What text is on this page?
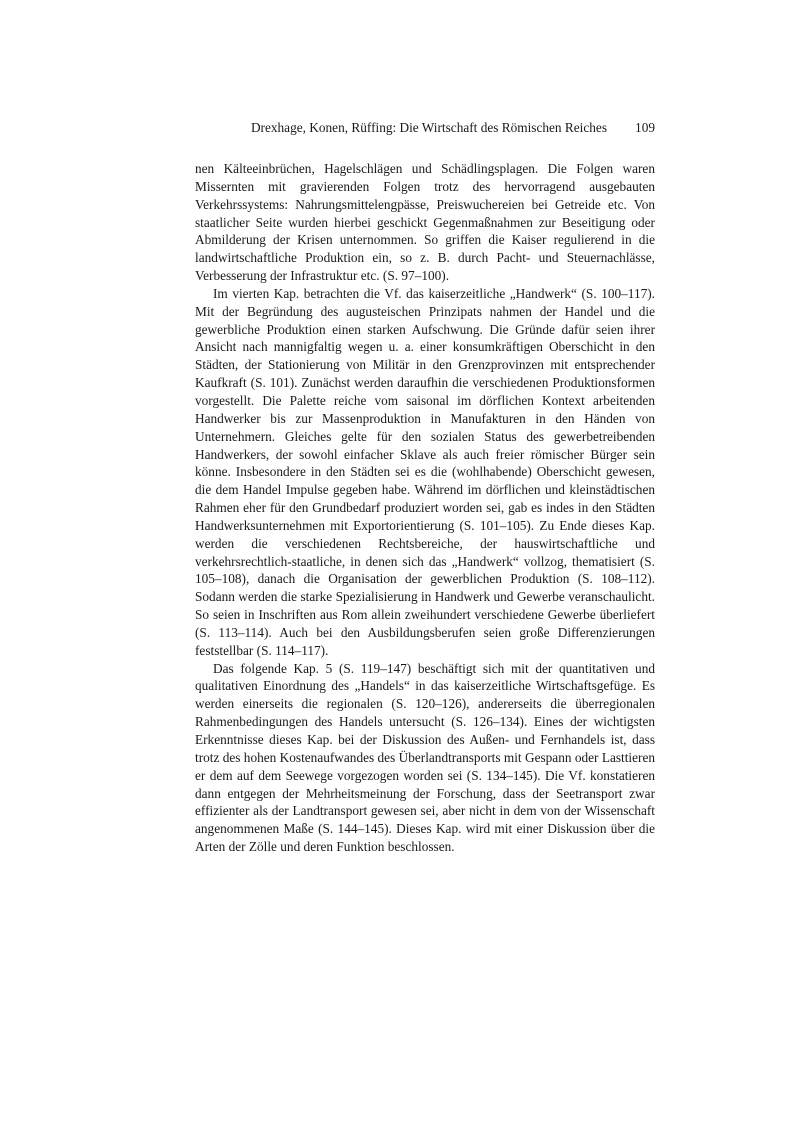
Drexhage, Konen, Rüffing: Die Wirtschaft des Römischen Reiches 109

nen Kälteeinbrüchen, Hagelschlägen und Schädlingsplagen. Die Folgen waren Missernten mit gravierenden Folgen trotz des hervorragend ausgebauten Verkehrssystems: Nahrungsmittelengpässe, Preiswuchereien bei Getreide etc. Von staatlicher Seite wurden hierbei geschickt Gegenmaßnahmen zur Beseitigung oder Abmilderung der Krisen unternommen. So griffen die Kaiser regulierend in die landwirtschaftliche Produktion ein, so z. B. durch Pacht- und Steuernachlässe, Verbesserung der Infrastruktur etc. (S. 97–100).

Im vierten Kap. betrachten die Vf. das kaiserzeitliche „Handwerk“ (S. 100–117). Mit der Begründung des augusteischen Prinzipats nahmen der Handel und die gewerbliche Produktion einen starken Aufschwung. Die Gründe dafür seien ihrer Ansicht nach mannigfaltig wegen u. a. einer konsumkräftigen Oberschicht in den Städten, der Stationierung von Militär in den Grenzprovinzen mit entsprechender Kaufkraft (S. 101). Zunächst werden daraufhin die verschiedenen Produktionsformen vorgestellt. Die Palette reiche vom saisonal im dörflichen Kontext arbeitenden Handwerker bis zur Massenproduktion in Manufakturen in den Händen von Unternehmern. Gleiches gelte für den sozialen Status des gewerbetreibenden Handwerkers, der sowohl einfacher Sklave als auch freier römischer Bürger sein könne. Insbesondere in den Städten sei es die (wohlhabende) Oberschicht gewesen, die dem Handel Impulse gegeben habe. Während im dörflichen und kleinstädtischen Rahmen eher für den Grundbedarf produziert worden sei, gab es indes in den Städten Handwerksunternehmen mit Exportorientierung (S. 101–105). Zu Ende dieses Kap. werden die verschiedenen Rechtsbereiche, der hauswirtschaftliche und verkehrsrechtlich-staatliche, in denen sich das „Handwerk“ vollzog, thematisiert (S. 105–108), danach die Organisation der gewerblichen Produktion (S. 108–112). Sodann werden die starke Spezialisierung in Handwerk und Gewerbe veranschaulicht. So seien in Inschriften aus Rom allein zweihundert verschiedene Gewerbe überliefert (S. 113–114). Auch bei den Ausbildungsberufen seien große Differenzierungen feststellbar (S. 114–117).

Das folgende Kap. 5 (S. 119–147) beschäftigt sich mit der quantitativen und qualitativen Einordnung des „Handels“ in das kaiserzeitliche Wirtschaftsgefüge. Es werden einerseits die regionalen (S. 120–126), andererseits die überregionalen Rahmenbedingungen des Handels untersucht (S. 126–134). Eines der wichtigsten Erkenntnisse dieses Kap. bei der Diskussion des Außen- und Fernhandels ist, dass trotz des hohen Kostenaufwandes des Überlandtransports mit Gespann oder Lasttieren er dem auf dem Seewege vorgezogen worden sei (S. 134–145). Die Vf. konstatieren dann entgegen der Mehrheitsmeinung der Forschung, dass der Seetransport zwar effizienter als der Landtransport gewesen sei, aber nicht in dem von der Wissenschaft angenommenen Maße (S. 144–145). Dieses Kap. wird mit einer Diskussion über die Arten der Zölle und deren Funktion beschlossen.
